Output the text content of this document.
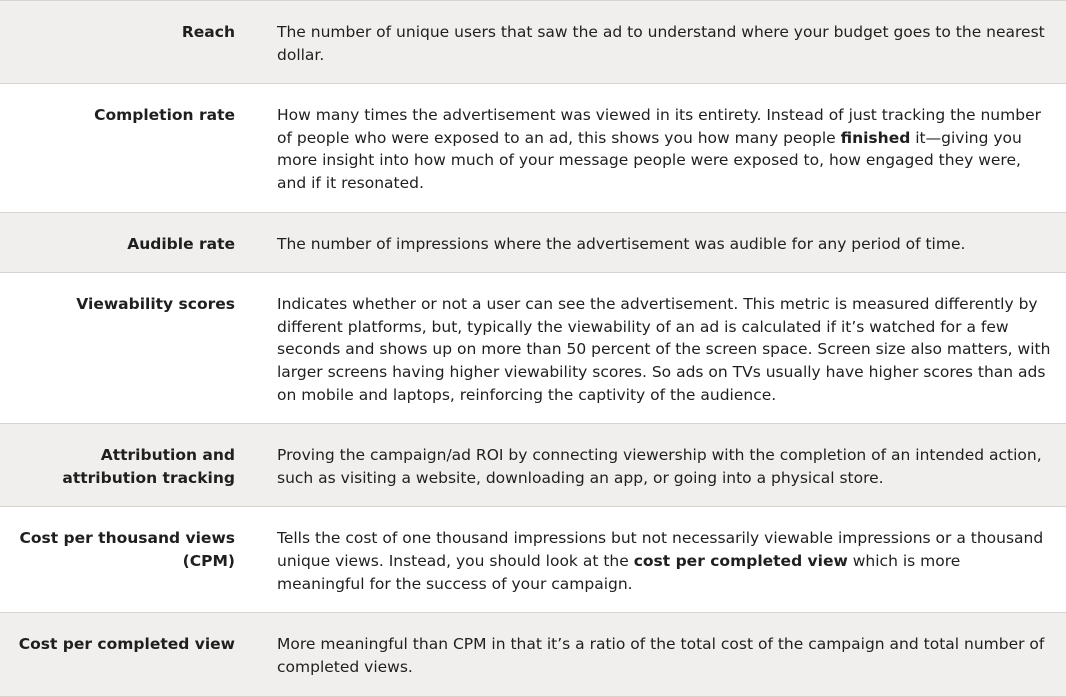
Reach	The number of unique users that saw the ad to understand where your budget goes to the nearest dollar.
Completion rate	How many times the advertisement was viewed in its entirety. Instead of just tracking the number of people who were exposed to an ad, this shows you how many people finished it—giving you more insight into how much of your message people were exposed to, how engaged they were, and if it resonated.
Audible rate	The number of impressions where the advertisement was audible for any period of time.
Viewability scores	Indicates whether or not a user can see the advertisement. This metric is measured differently by different platforms, but, typically the viewability of an ad is calculated if it’s watched for a few seconds and shows up on more than 50 percent of the screen space. Screen size also matters, with larger screens having higher viewability scores. So ads on TVs usually have higher scores than ads on mobile and laptops, reinforcing the captivity of the audience.
Attribution and attribution tracking	Proving the campaign/ad ROI by connecting viewership with the completion of an intended action, such as visiting a website, downloading an app, or going into a physical store.
Cost per thousand views (CPM)	Tells the cost of one thousand impressions but not necessarily viewable impressions or a thousand unique views. Instead, you should look at the cost per completed view which is more meaningful for the success of your campaign.
Cost per completed view	More meaningful than CPM in that it’s a ratio of the total cost of the campaign and total number of completed views.
